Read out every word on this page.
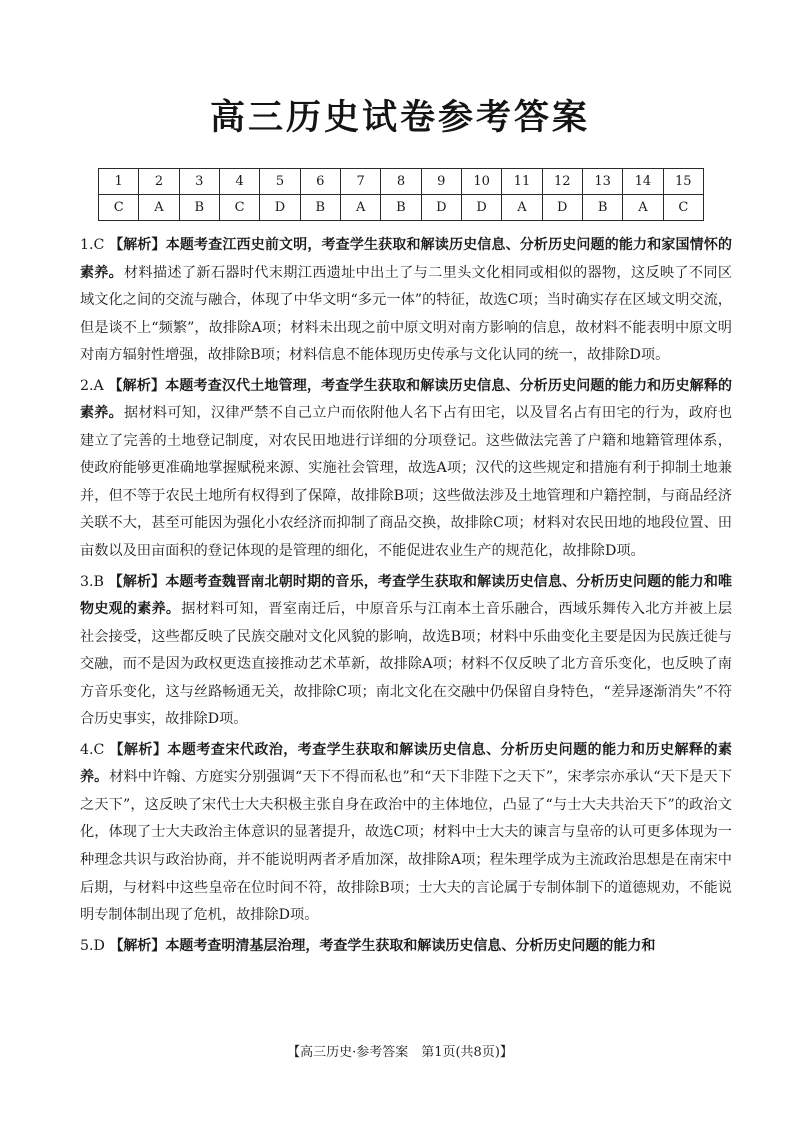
高三历史试卷参考答案
1	2	3	4	5	6	7	8	9	10	11	12	13	14	15
C	A	B	C	D	B	A	B	D	D	A	D	B	A	C

1.C 【解析】本题考查江西史前文明，考查学生获取和解读历史信息、分析历史问题的能力和家国情怀的素养。材料描述了新石器时代末期江西遗址中出土了与二里头文化相同或相似的器物，这反映了不同区域文化之间的交流与融合，体现了中华文明“多元一体”的特征，故选C项；当时确实存在区域文明交流，但是谈不上“频繁”，故排除A项；材料未出现之前中原文明对南方影响的信息，故材料不能表明中原文明对南方辐射性增强，故排除B项；材料信息不能体现历史传承与文化认同的统一，故排除D项。

2.A 【解析】本题考查汉代土地管理，考查学生获取和解读历史信息、分析历史问题的能力和历史解释的素养。据材料可知，汉律严禁不自己立户而依附他人名下占有田宅，以及冒名占有田宅的行为，政府也建立了完善的土地登记制度，对农民田地进行详细的分项登记。这些做法完善了户籍和地籍管理体系，使政府能够更准确地掌握赋税来源、实施社会管理，故选A项；汉代的这些规定和措施有利于抑制土地兼并，但不等于农民土地所有权得到了保障，故排除B项；这些做法涉及土地管理和户籍控制，与商品经济关联不大，甚至可能因为强化小农经济而抑制了商品交换，故排除C项；材料对农民田地的地段位置、田亩数以及田亩面积的登记体现的是管理的细化，不能促进农业生产的规范化，故排除D项。

3.B 【解析】本题考查魏晋南北朝时期的音乐，考查学生获取和解读历史信息、分析历史问题的能力和唯物史观的素养。据材料可知，晋室南迁后，中原音乐与江南本土音乐融合，西域乐舞传入北方并被上层社会接受，这些都反映了民族交融对文化风貌的影响，故选B项；材料中乐曲变化主要是因为民族迁徙与交融，而不是因为政权更迭直接推动艺术革新，故排除A项；材料不仅反映了北方音乐变化，也反映了南方音乐变化，这与丝路畅通无关，故排除C项；南北文化在交融中仍保留自身特色，“差异逐渐消失”不符合历史事实，故排除D项。

4.C 【解析】本题考查宋代政治，考查学生获取和解读历史信息、分析历史问题的能力和历史解释的素养。材料中许翰、方庭实分别强调“天下不得而私也”和“天下非陛下之天下”，宋孝宗亦承认“天下是天下之天下”，这反映了宋代士大夫积极主张自身在政治中的主体地位，凸显了“与士大夫共治天下”的政治文化，体现了士大夫政治主体意识的显著提升，故选C项；材料中士大夫的谏言与皇帝的认可更多体现为一种理念共识与政治协商，并不能说明两者矛盾加深，故排除A项；程朱理学成为主流政治思想是在南宋中后期，与材料中这些皇帝在位时间不符，故排除B项；士大夫的言论属于专制体制下的道德规劝，不能说明专制体制出现了危机，故排除D项。

5.D 【解析】本题考查明清基层治理，考查学生获取和解读历史信息、分析历史问题的能力和

【高三历史·参考答案　第1页(共8页)】
